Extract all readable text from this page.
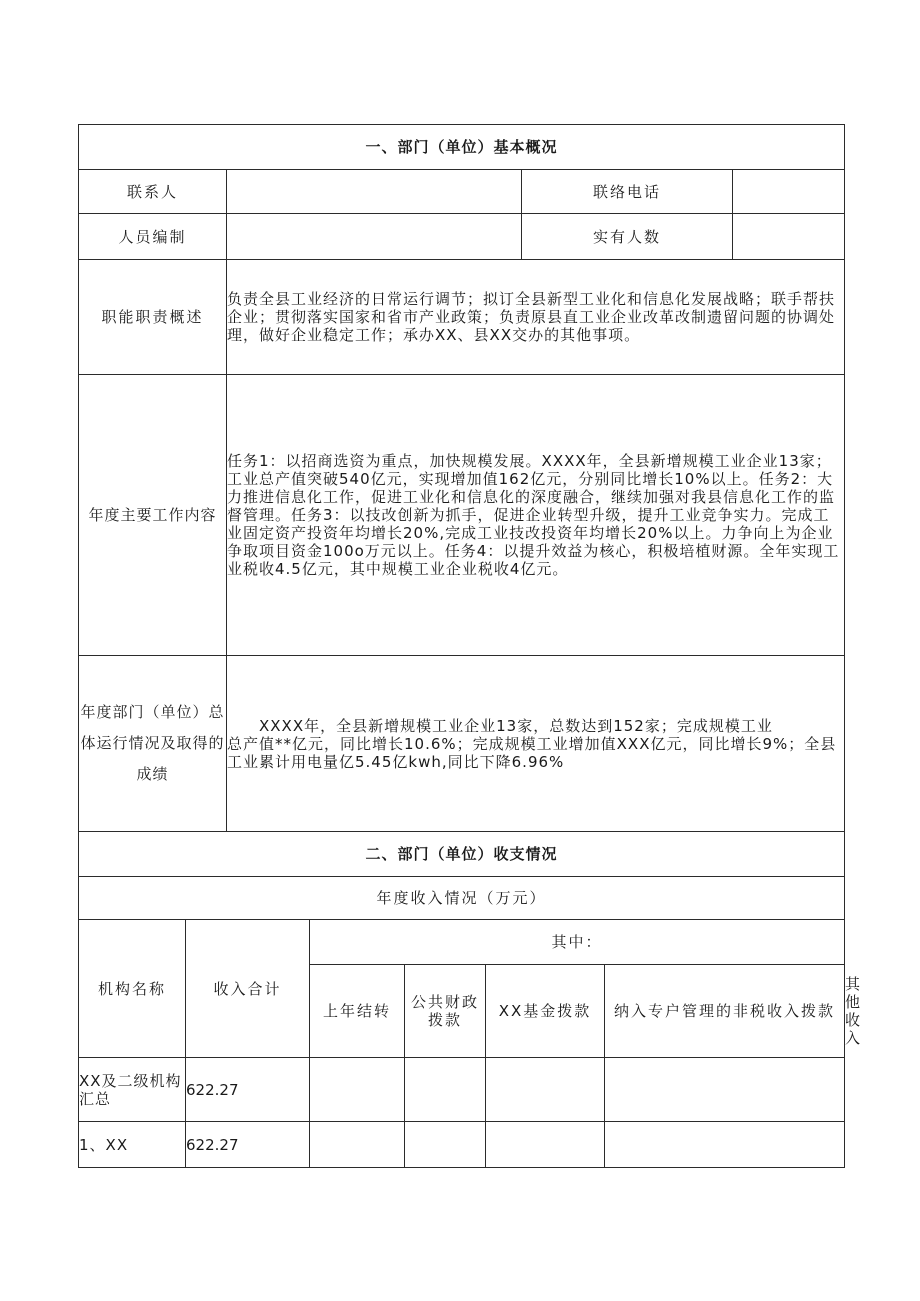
一、部门（单位）基本概况									
联系人						联络电话			
人员编制						实有人数			
职能职责概述		负责全县工业经济的日常运行调节；拟订全县新型工业化和信息化发展战略；联手帮扶企业；贯彻落实国家和省市产业政策；负责原县直工业企业改革改制遗留问题的协调处理，做好企业稳定工作；承办XX、县XX交办的其他事项。							
年度主要工作内容		任务1：以招商选资为重点，加快规模发展。XXXX年，全县新增规模工业企业13家；工业总产值突破540亿元，实现增加值162亿元，分别同比增长10%以上。任务2：大力推进信息化工作，促进工业化和信息化的深度融合，继续加强对我县信息化工作的监督管理。任务3：以技改创新为抓手，促进企业转型升级，提升工业竞争实力。完成工业固定资产投资年均增长20%,完成工业技改投资年均增长20%以上。力争向上为企业争取项目资金100o万元以上。任务4：以提升效益为核心，积极培植财源。全年实现工业税收4.5亿元，其中规模工业企业税收4亿元。							
年度部门（单位）总体运行情况及取得的成绩		XXXX年，全县新增规模工业企业13家，总数达到152家；完成规模工业

总产值**亿元，同比增长10.6%；完成规模工业增加值XXX亿元，同比增长9%；全县

工业累计用电量亿5.45亿kwh,同比下降6.96%							

二、部门（单位）收支情况									
年度收入情况（万元）									
机构名称	收入合计		其中：						
			上年结转	公共财政拨款	XX基金拨款		纳入专户管理的非税收入拨款		其他收入
XX及二级机构汇总	622.27								
1、XX	622.27								
